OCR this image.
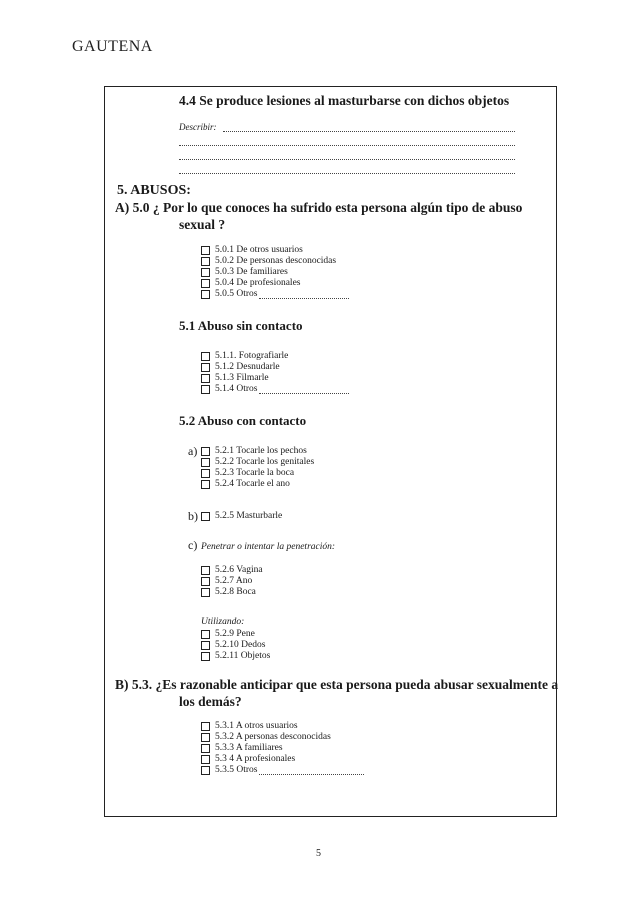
GAUTENA
4.4 Se produce lesiones al masturbarse con dichos objetos
Describir:
5. ABUSOS:
A) 5.0 ¿ Por lo que conoces ha sufrido esta persona algún tipo de abuso
sexual ?
5.0.1 De otros usuarios
5.0.2 De personas desconocidas
5.0.3 De familiares
5.0.4 De profesionales
5.0.5 Otros
5.1 Abuso sin contacto
5.1.1. Fotografiarle
5.1.2 Desnudarle
5.1.3 Filmarle
5.1.4 Otros
5.2 Abuso con contacto
a) 5.2.1 Tocarle los pechos
5.2.2 Tocarle los genitales
5.2.3 Tocarle la boca
5.2.4 Tocarle el ano
b) 5.2.5 Masturbarle
c) Penetrar o intentar la penetración:
5.2.6 Vagina
5.2.7 Ano
5.2.8 Boca
Utilizando:
5.2.9 Pene
5.2.10 Dedos
5.2.11 Objetos
B) 5.3. ¿Es razonable anticipar que esta persona pueda abusar sexualmente a
los demás?
5.3.1 A otros usuarios
5.3.2 A personas desconocidas
5.3.3 A familiares
5.3 4 A profesionales
5.3.5 Otros
5
